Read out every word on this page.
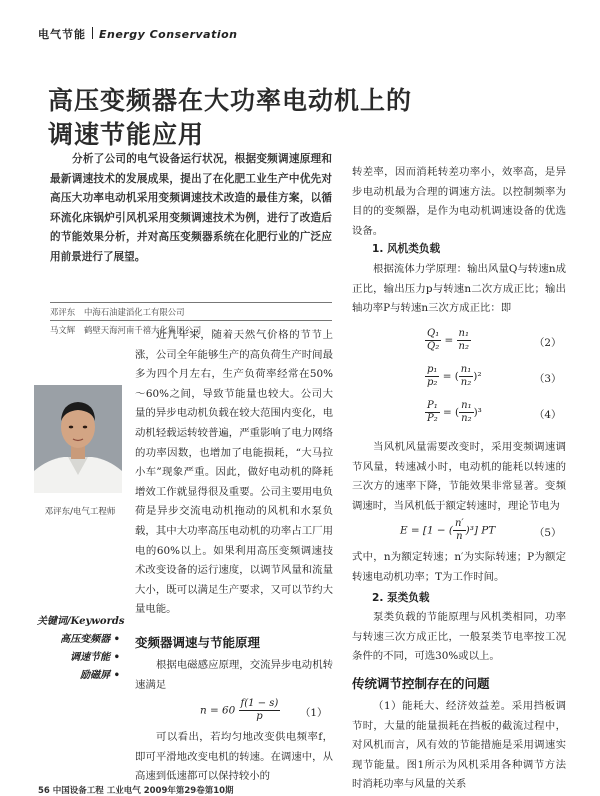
电气节能 Energy Conservation
高压变频器在大功率电动机上的
调速节能应用
分析了公司的电气设备运行状况，根据变频调速原理和最新调速技术的发展成果，提出了在化肥工业生产中优先对高压大功率电动机采用变频调速技术改造的最佳方案，以循环流化床锅炉引风机采用变频调速技术为例，进行了改造后的节能效果分析，并对高压变频器系统在化肥行业的广泛应用前景进行了展望。
邓评东 中海石油建滔化工有限公司
马文辉 鹤壁天海河南千禧大化集团公司
邓评东/电气工程师

近几年来，随着天然气价格的节节上涨，公司全年能够生产的高负荷生产时间最多为四个月左右，生产负荷率经常在50%～60%之间，导致节能量也较大。公司大量的异步电动机负载在较大范围内变化，电动机轻载运转较普遍，严重影响了电力网络的功率因数，也增加了电能损耗，“大马拉小车”现象严重。因此，做好电动机的降耗增效工作就显得很及重要。公司主要用电负荷是异步交流电动机拖动的风机和水泵负载，其中大功率高压电动机的功率占工厂用电的60%以上。如果利用高压变频调速技术改变设备的运行速度，以调节风量和流量大小，既可以满足生产要求，又可以节约大量电能。

关键词/Keywords
高压变频器 •
调速节能 •
励磁屏 •
变频器调速与节能原理

根据电磁感应原理，交流异步电动机转速满足

$n = 60 \frac{f(1 - s)}{p} (1)$

可以看出，若均匀地改变供电频率f，即可平滑地改变电机的转速。在调速中，从高速到低速都可以保持较小的

转差率，因而消耗转差功率小，效率高，是异步电动机最为合理的调速方法。以控制频率为目的的变频器，是作为电动机调速设备的优选设备。
1. 风机类负载

根据流体力学原理：输出风量Q与转速n成正比，输出压力p与转速n二次方成正比；输出轴功率P与转速n三次方成正比：即

$\frac{\text{Q₁}}{\text{Q₂}} = \frac{\text{n₁}}{\text{n₂}}$	（2）
$\frac{\text{p₁}}{\text{p₂}}$ = ( $\frac{\text{n₁}}{\text{n₂}} )^2$	（3）
$\frac{\text{P₁}}{\text{P₂}}$ = ( $\frac{\text{n₁}}{\text{n₂}} )^3$	（4）

当风机风量需要改变时，采用变频调速调节风量，转速减小时，电动机的能耗以转速的三次方的速率下降，节能效果非常显著。变频调速时，当风机低于额定转速时，理论节电为

E = [1 − ( $\frac{n'}{n} )^3$] PT	（5）

式中，n为额定转速；n′为实际转速；P为额定转速电动机功率；T为工作时间。

2. 泵类负载

泵类负载的节能原理与风机类相同，功率与转速三次方成正比，一般泵类节电率按工况条件的不同，可选30%或以上。

传统调节控制存在的问题

（1）能耗大、经济效益差。采用挡板调节时，大量的能量损耗在挡板的截流过程中，对风机而言，风有效的节能措施是采用调速实现节能量。图1所示为风机采用各种调节方法时消耗功率与风量的关系

56 中国设备工程 工业电气 2009年第29卷第10期
